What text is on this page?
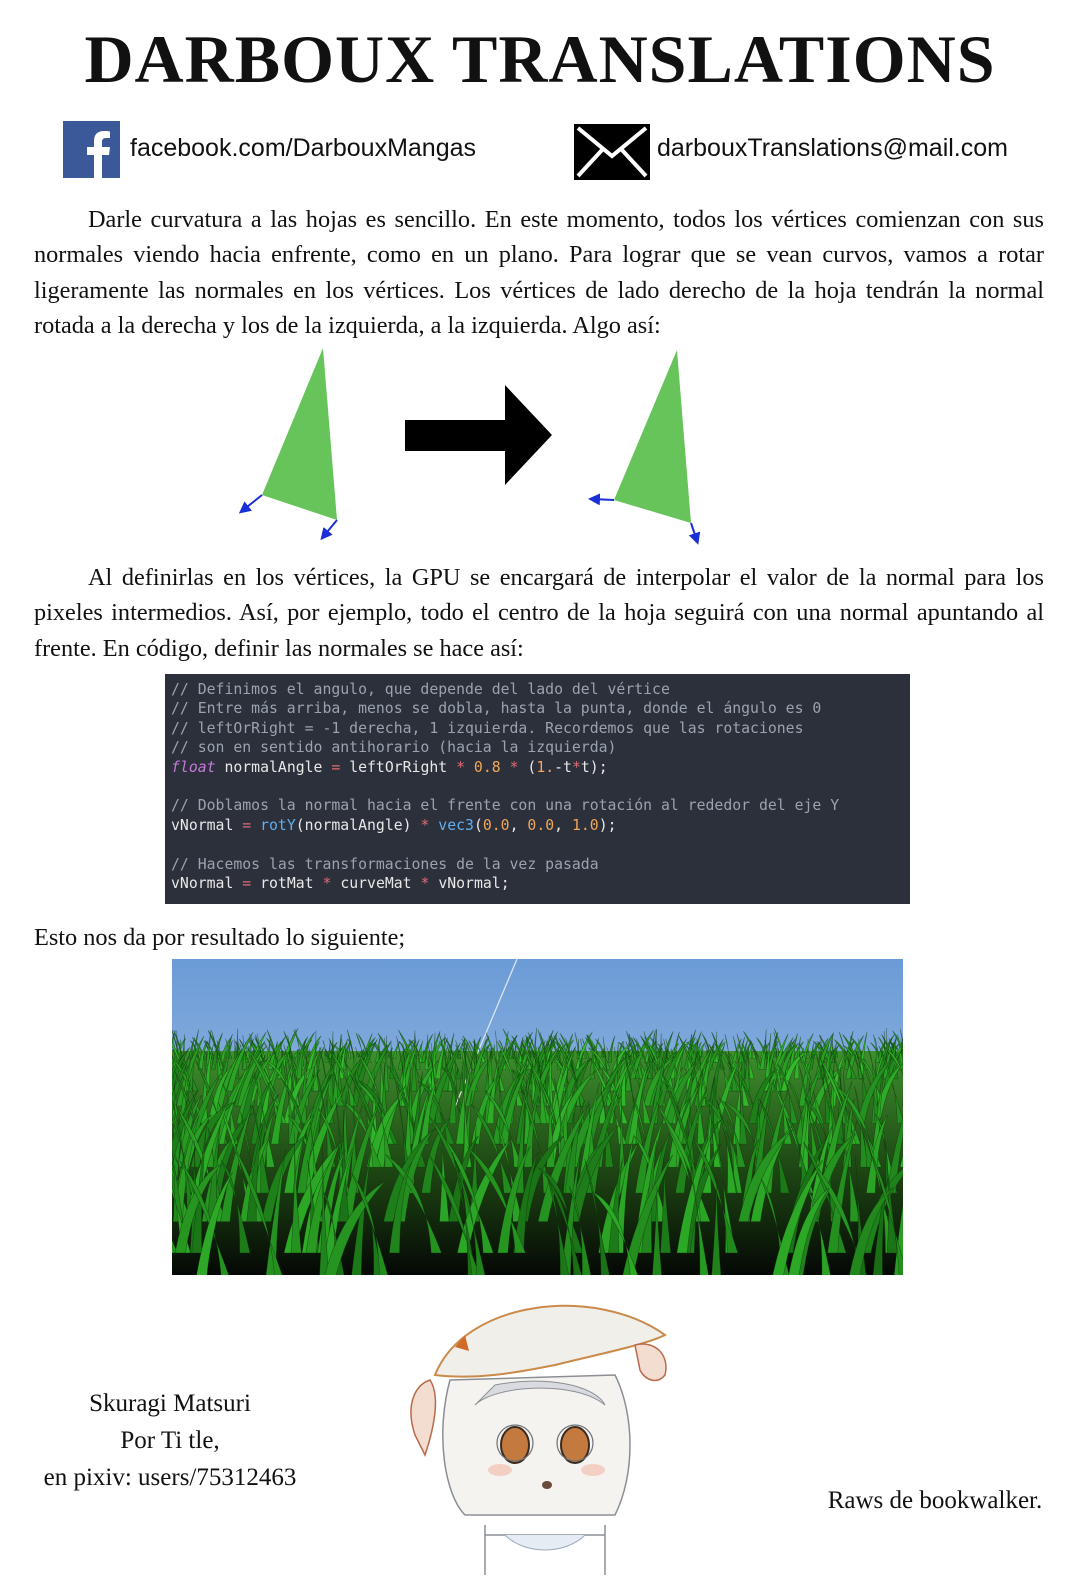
DARBOUX TRANSLATIONS
facebook.com/DarbouxMangas	darbouxTranslations@mail.com

Darle curvatura a las hojas es sencillo. En este momento, todos los vértices comienzan con sus normales viendo hacia enfrente, como en un plano. Para lograr que se vean curvos, vamos a rotar ligeramente las normales en los vértices. Los vértices de lado derecho de la hoja tendrán la normal rotada a la derecha y los de la izquierda, a la izquierda. Algo así:

Al definirlas en los vértices, la GPU se encargará de interpolar el valor de la normal para los pixeles intermedios. Así, por ejemplo, todo el centro de la hoja seguirá con una normal apuntando al frente. En código, definir las normales se hace así:

// Definimos el angulo, que depende del lado del vértice
// Entre más arriba, menos se dobla, hasta la punta, donde el ángulo es 0
// leftOrRight = -1 derecha, 1 izquierda. Recordemos que las rotaciones
// son en sentido antihorario (hacia la izquierda)
float normalAngle = leftOrRight * 0.8 * (1.-t*t);
// Doblamos la normal hacia el frente con una rotación al rededor del eje Y
vNormal = rotY(normalAngle) * vec3(0.0, 0.0, 1.0);
// Hacemos las transformaciones de la vez pasada
vNormal = rotMat * curveMat * vNormal;

Esto nos da por resultado lo siguiente;

Skuragi Matsuri
Por Ti tle,
en pixiv: users/75312463
Raws de bookwalker.
